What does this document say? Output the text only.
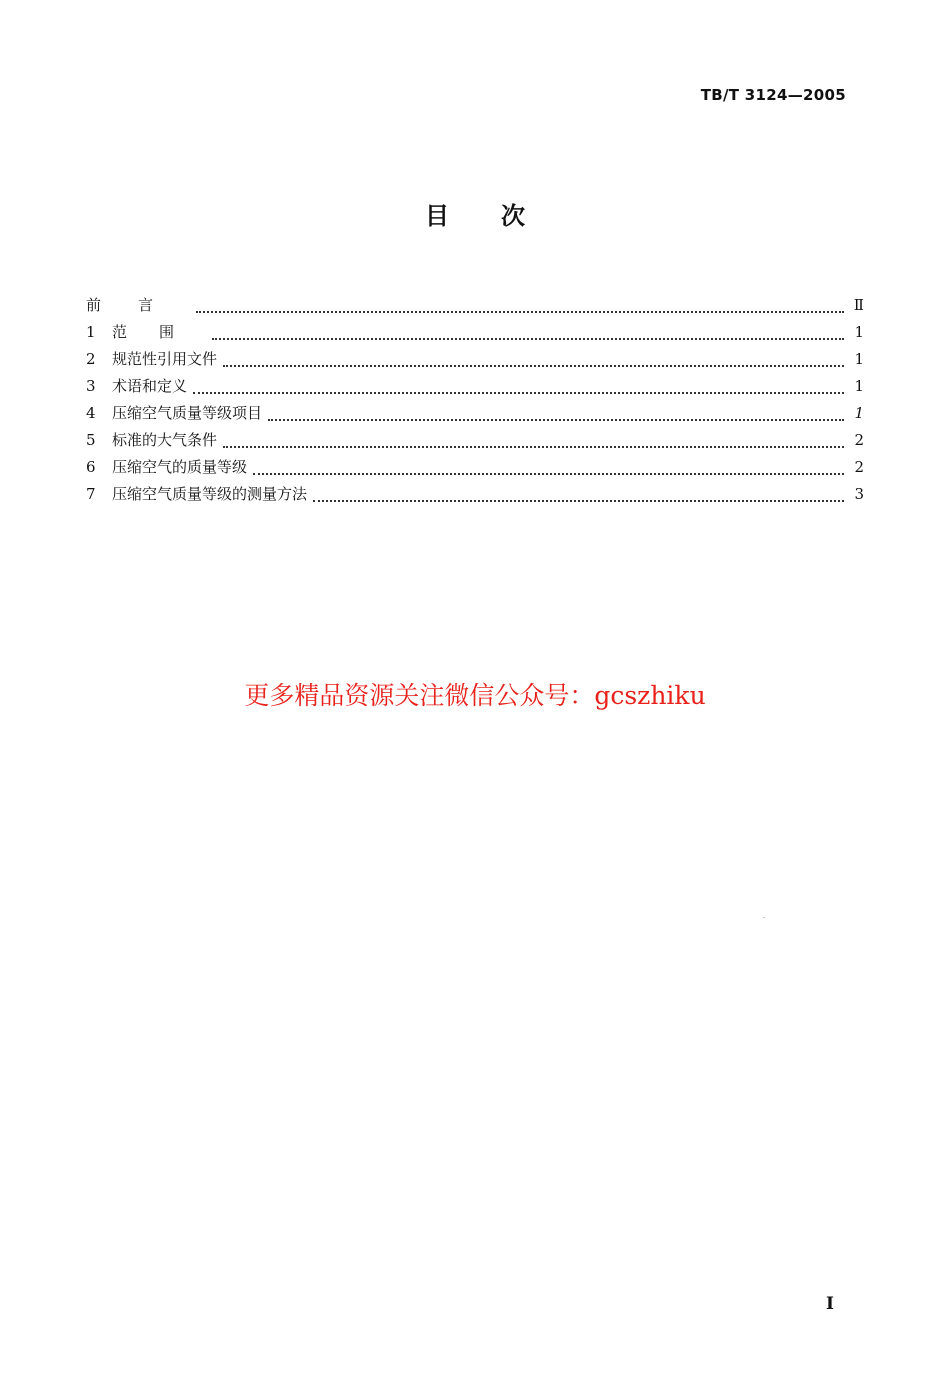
TB/T 3124—2005
目次
前言	Ⅱ
1	范围	1
2	规范性引用文件	1
3	术语和定义	1
4	压缩空气质量等级项目	1
5	标准的大气条件	2
6	压缩空气的质量等级	2
7	压缩空气质量等级的测量方法	3
更多精品资源关注微信公众号：gcszhiku
I
